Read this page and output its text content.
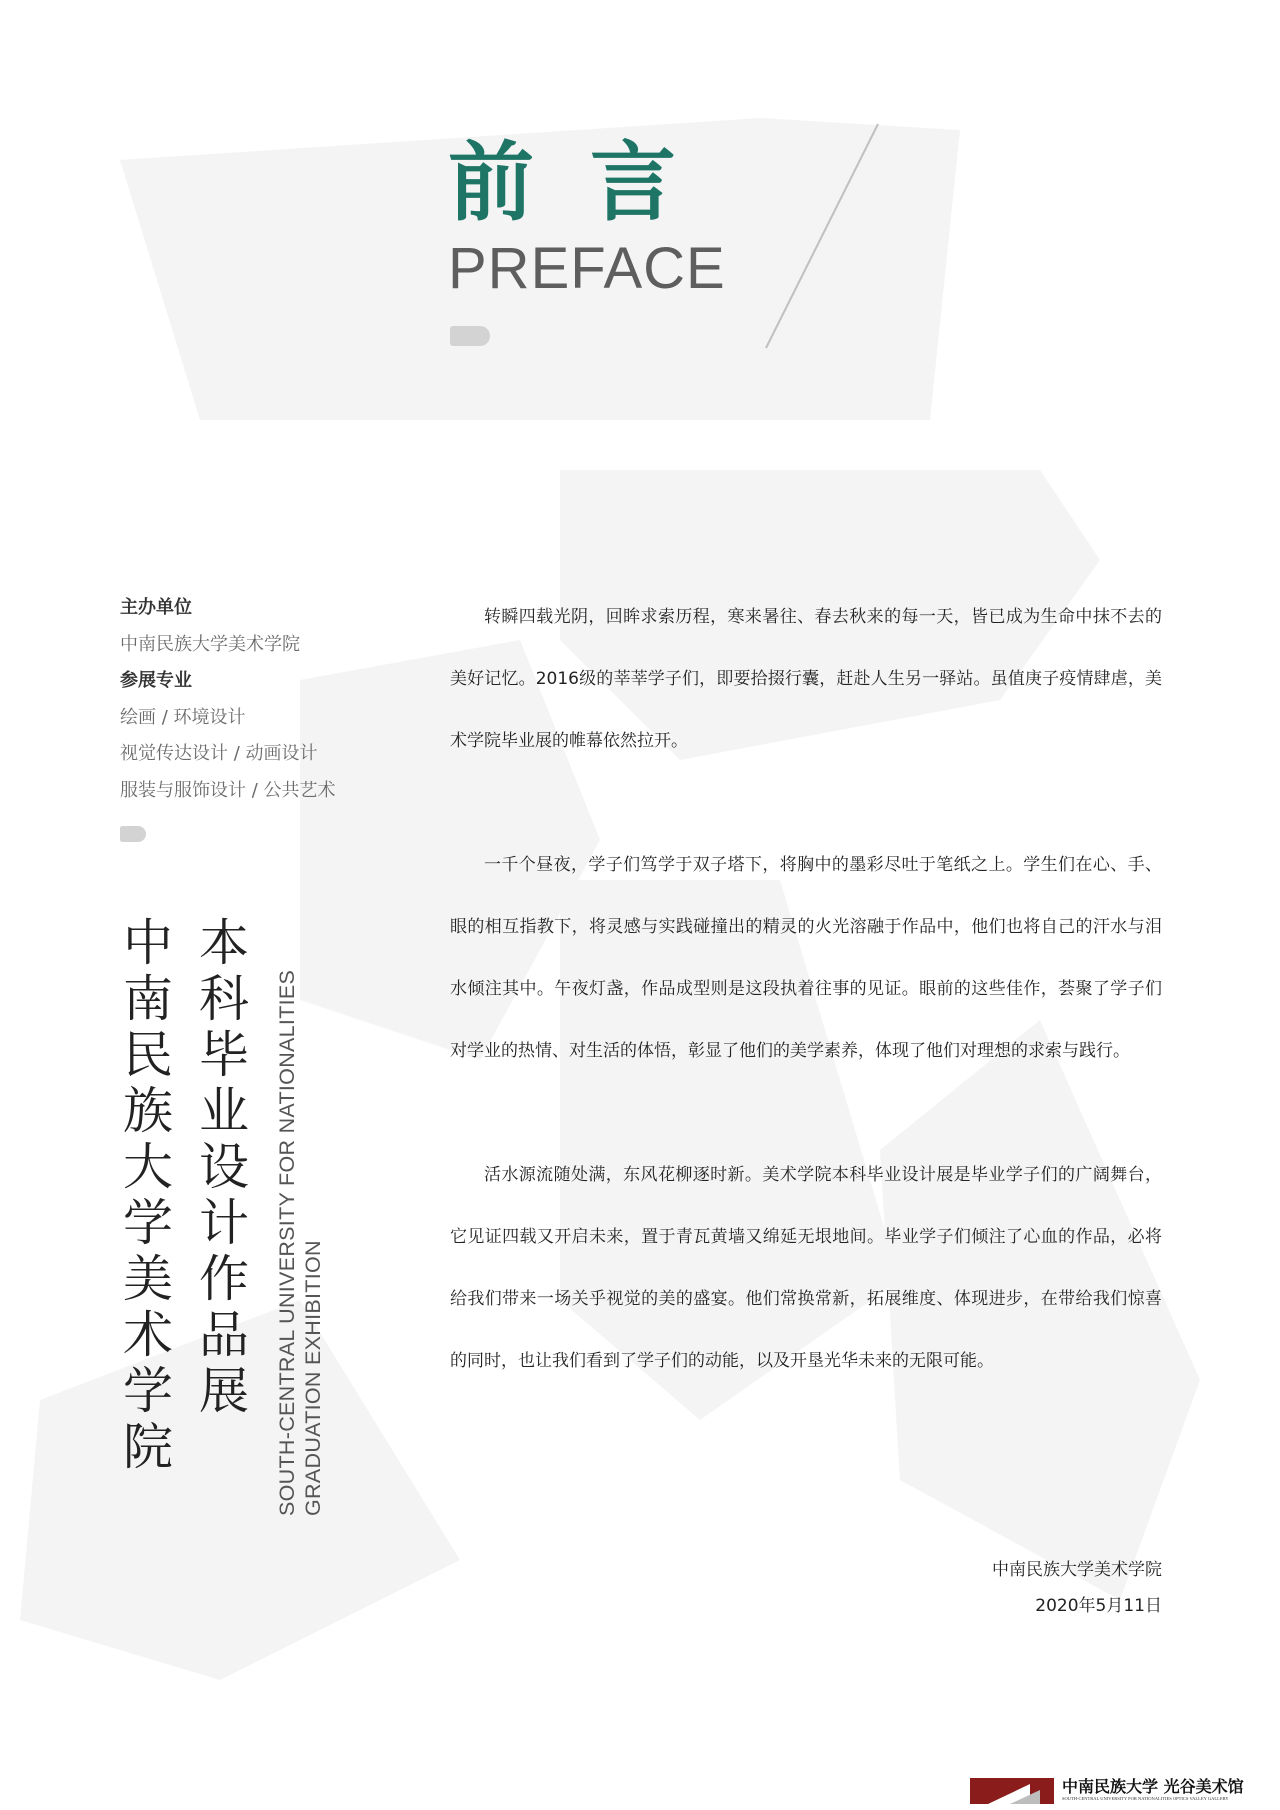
前言
PREFACE
主办单位
中南民族大学美术学院
参展专业
绘画 / 环境设计
视觉传达设计 / 动画设计
服装与服饰设计 / 公共艺术
中
南
民
族
大
学
美
术
学
院
本
科
毕
业
设
计
作
品
展 SOUTH-CENTRAL UNIVERSITY FOR NATIONALITIES GRADUATION EXHIBITION

转瞬四载光阴，回眸求索历程，寒来暑往、春去秋来的每一天，皆已成为生命中抹不去的美好记忆。2016级的莘莘学子们，即要拾掇行囊，赶赴人生另一驿站。虽值庚子疫情肆虐，美术学院毕业展的帷幕依然拉开。

一千个昼夜，学子们笃学于双子塔下，将胸中的墨彩尽吐于笔纸之上。学生们在心、手、眼的相互指教下，将灵感与实践碰撞出的精灵的火光溶融于作品中，他们也将自己的汗水与泪水倾注其中。午夜灯盏，作品成型则是这段执着往事的见证。眼前的这些佳作，荟聚了学子们对学业的热情、对生活的体悟，彰显了他们的美学素养，体现了他们对理想的求索与践行。

活水源流随处满，东风花柳逐时新。美术学院本科毕业设计展是毕业学子们的广阔舞台，它见证四载又开启未来，置于青瓦黄墙又绵延无垠地间。毕业学子们倾注了心血的作品，必将给我们带来一场关乎视觉的美的盛宴。他们常换常新，拓展维度、体现进步，在带给我们惊喜的同时，也让我们看到了学子们的动能，以及开垦光华未来的无限可能。

中南民族大学美术学院
2020年5月11日
中南民族大学 光谷美术馆
SOUTH-CENTRAL UNIVERSITY FOR NATIONALITIES OPTICS VALLEY GALLERY
